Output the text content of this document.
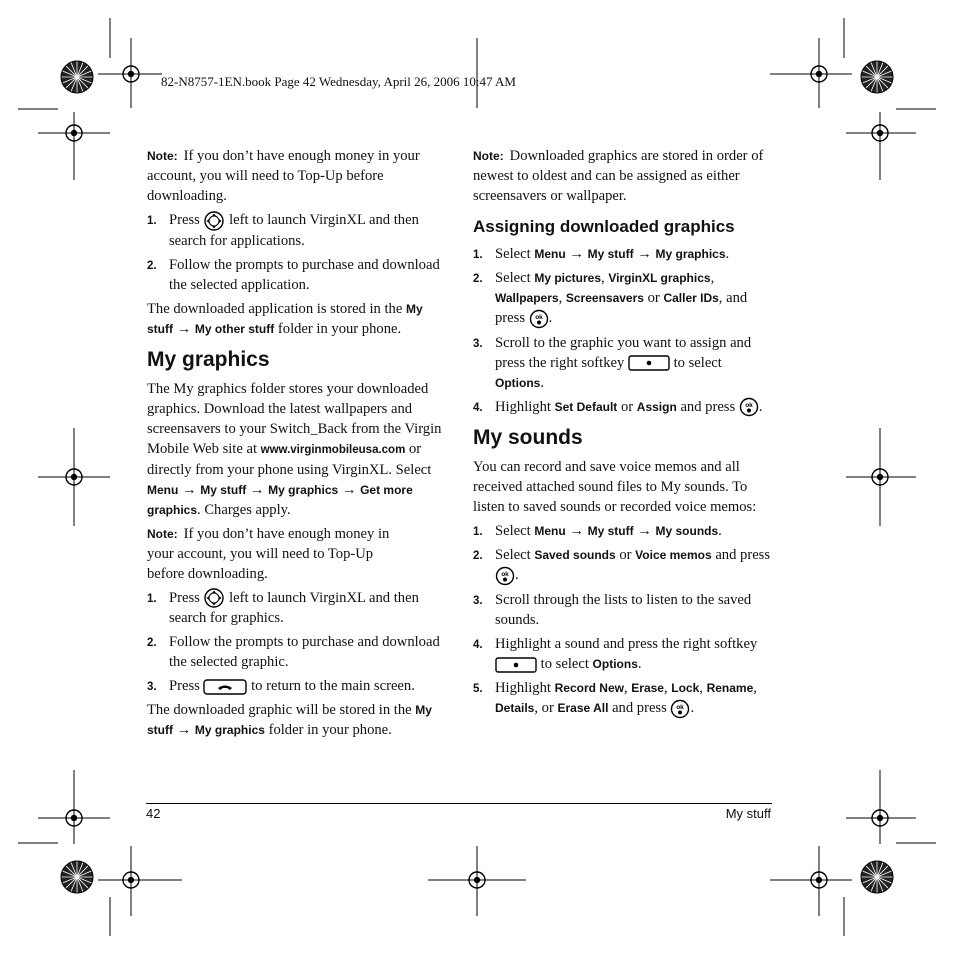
82-N8757-1EN.book Page 42 Wednesday, April 26, 2006 10:47 AM

Note: If you don’t have enough money in your account, you will need to Top-Up before downloading.

1. Press left to launch VirginXL and then search for applications.
2. Follow the prompts to purchase and download the selected application.

The downloaded application is stored in the My stuff → My other stuff folder in your phone.

My graphics

The My graphics folder stores your downloaded graphics. Download the latest wallpapers and screensavers to your Switch_Back from the Virgin Mobile Web site at www.virginmobileusa.com or directly from your phone using VirginXL. Select Menu → My stuff → My graphics → Get more graphics. Charges apply.

Note: If you don’t have enough money in your account, you will need to Top-Up before downloading.

1. Press left to launch VirginXL and then search for graphics.
2. Follow the prompts to purchase and download the selected graphic.
3. Press	to return to the main screen.

The downloaded graphic will be stored in the My stuff → My graphics folder in your phone.

Note: Downloaded graphics are stored in order of newest to oldest and can be assigned as either screensavers or wallpaper.

Assigning downloaded graphics
1. Select Menu → My stuff → My graphics.
2. Select My pictures, VirginXL graphics, Wallpapers, Screensavers or Caller IDs, and press ok .
3. Scroll to the graphic you want to assign and press the right softkey	to select Options.
4. Highlight Set Default or Assign and press ok .
My sounds

You can record and save voice memos and all received attached sound files to My sounds. To listen to saved sounds or recorded voice memos:

1. Select Menu → My stuff → My sounds.
2. Select Saved sounds or Voice memos and press
ok .
3. Scroll through the lists to listen to the saved sounds.
4. Highlight a sound and press the right softkey  to select Options.
5. Highlight Record New, Erase, Lock, Rename, Details, or Erase All and press ok .
42	My stuff
